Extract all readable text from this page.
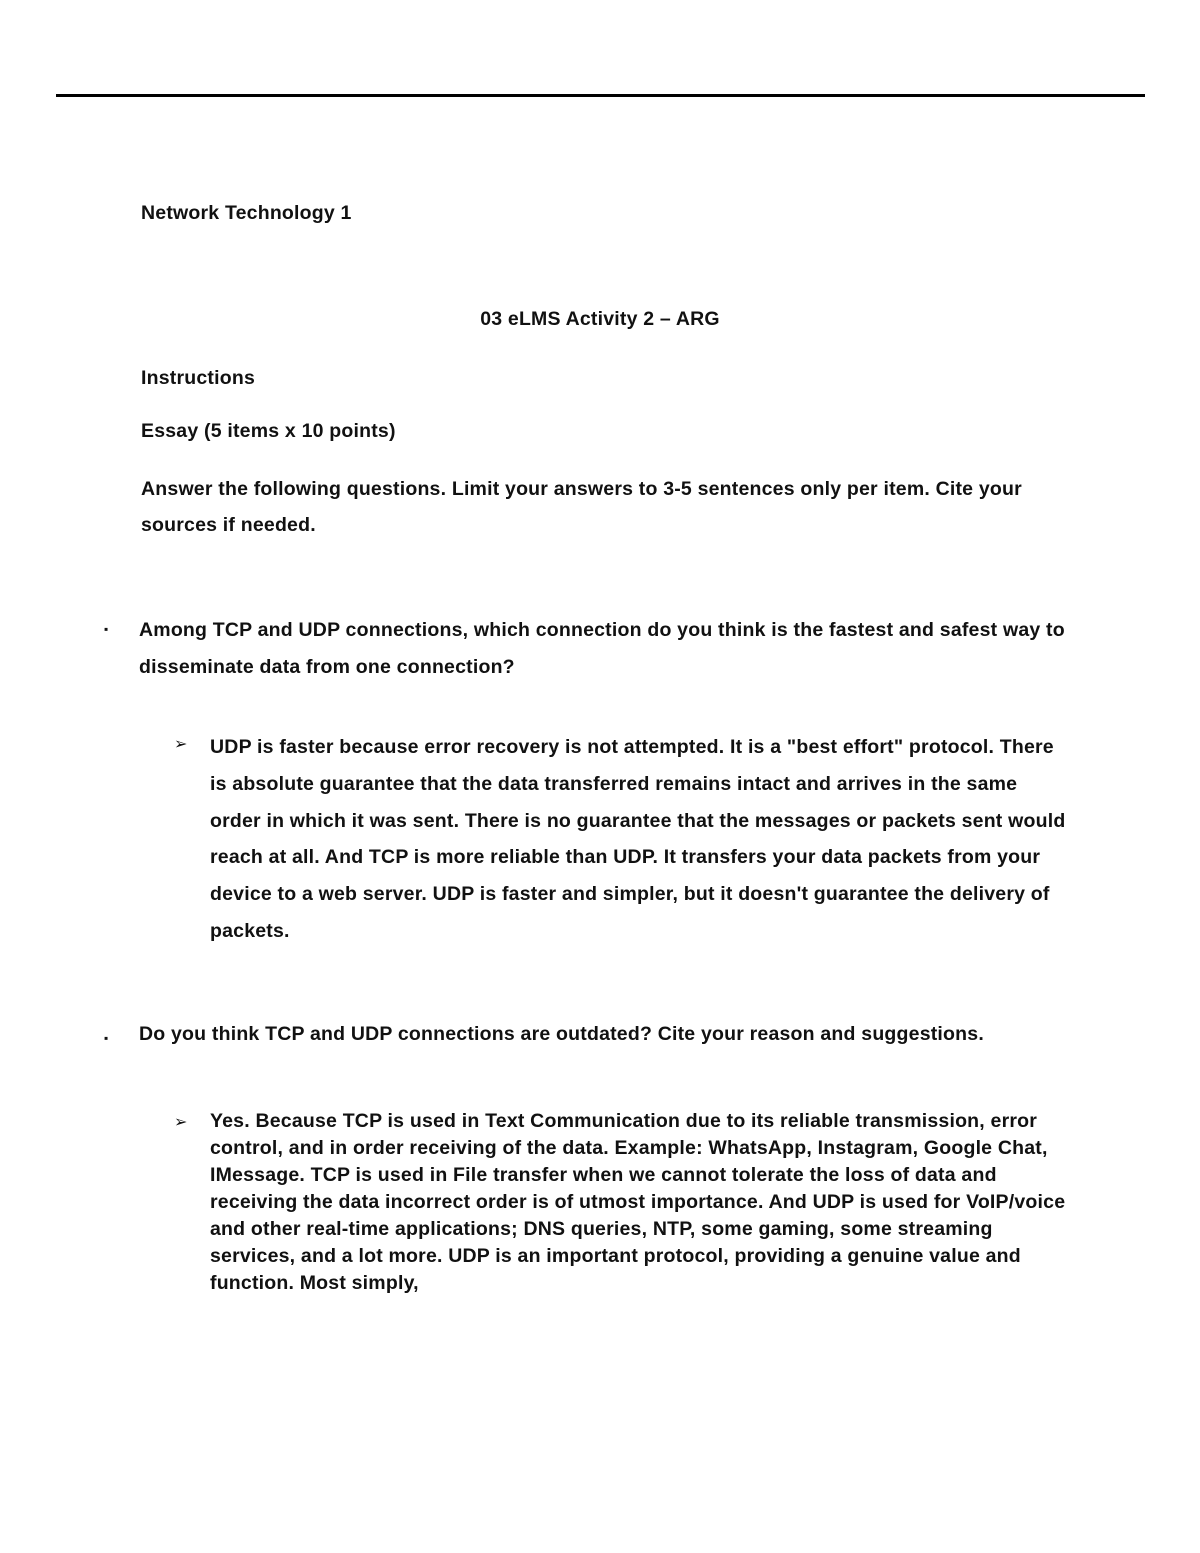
Network Technology 1
03 eLMS Activity 2 – ARG
Instructions
Essay (5 items x 10 points)
Answer the following questions. Limit your answers to 3-5 sentences only per item. Cite your sources if needed.
▪ Among TCP and UDP connections, which connection do you think is the fastest and safest way to disseminate data from one connection?
➢ UDP is faster because error recovery is not attempted. It is a "best effort" protocol. There is absolute guarantee that the data transferred remains intact and arrives in the same order in which it was sent. There is no guarantee that the messages or packets sent would reach at all. And TCP is more reliable than UDP. It transfers your data packets from your device to a web server. UDP is faster and simpler, but it doesn't guarantee the delivery of packets.
▪ Do you think TCP and UDP connections are outdated? Cite your reason and suggestions.
➢ Yes. Because TCP is used in Text Communication due to its reliable transmission, error control, and in order receiving of the data. Example: WhatsApp, Instagram, Google Chat, IMessage. TCP is used in File transfer when we cannot tolerate the loss of data and receiving the data incorrect order is of utmost importance. And UDP is used for VoIP/voice and other real-time applications; DNS queries, NTP, some gaming, some streaming services, and a lot more. UDP is an important protocol, providing a genuine value and function. Most simply,
